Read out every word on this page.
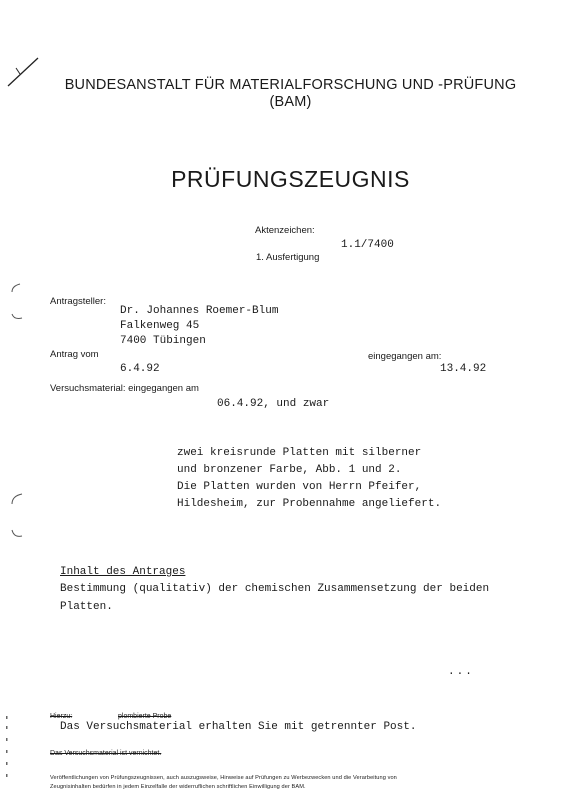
BUNDESANSTALT FÜR MATERIALFORSCHUNG UND -PRÜFUNG
(BAM)
PRÜFUNGSZEUGNIS
Aktenzeichen:
1.1/7400
1. Ausfertigung
Antragsteller:
Dr. Johannes Roemer-Blum
Falkenweg 45
7400 Tübingen
Antrag vom
6.4.92
eingegangen am:
13.4.92
Versuchsmaterial: eingegangen am
06.4.92, und zwar
zwei kreisrunde Platten mit silberner
und bronzener Farbe, Abb. 1 und 2.
Die Platten wurden von Herrn Pfeifer,
Hildesheim, zur Probennahme angeliefert.
Inhalt des Antrages
Bestimmung (qualitativ) der chemischen Zusammensetzung der beiden
Platten.
...
Hierzu:	plombierte Probe
Das Versuchsmaterial erhalten Sie mit getrennter Post.
Das Versuchsmaterial ist vernichtet.
Veröffentlichungen von Prüfungszeugnissen, auch auszugsweise, Hinweise auf Prüfungen zu Werbezwecken und die Verarbeitung von
Zeugnisinhalten bedürfen in jedem Einzelfalle der widerruflichen schriftlichen Einwilligung der BAM.
